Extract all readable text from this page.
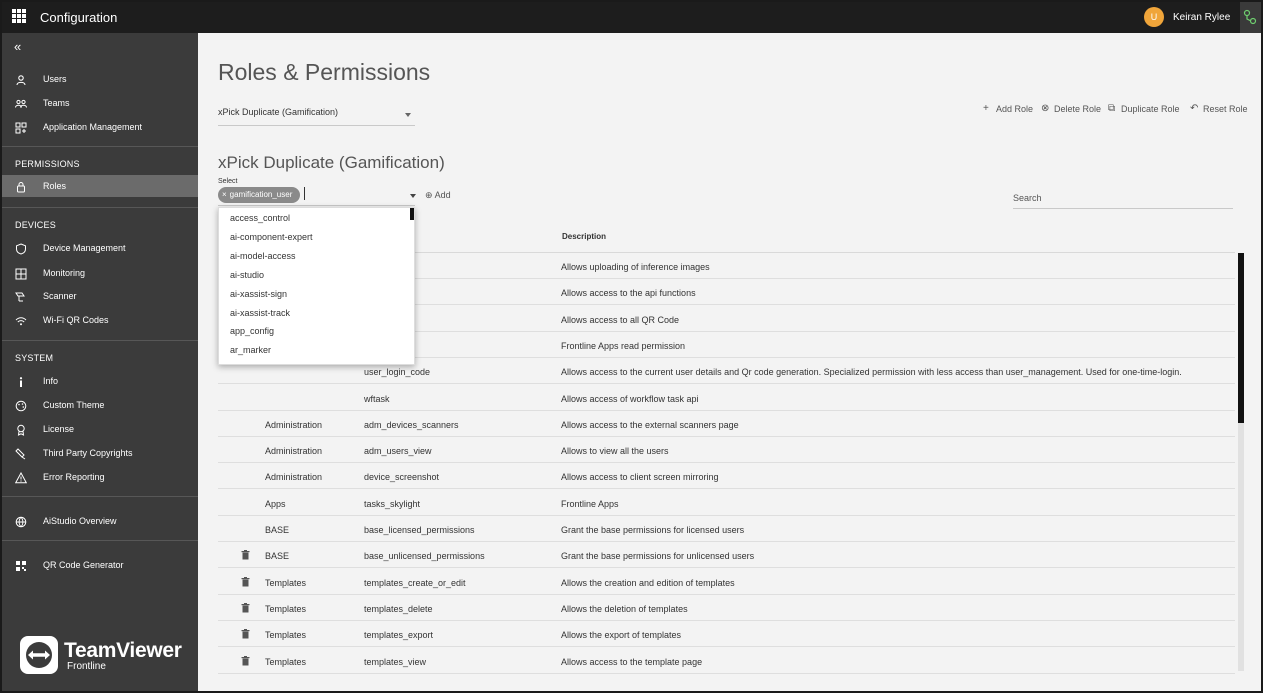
Configuration	U	Keiran Rylee
«
Users
Teams
Application Management
PERMISSIONS
Roles
DEVICES
Device Management
Monitoring
Scanner
Wi-Fi QR Codes
SYSTEM
Info
Custom Theme
License
Third Party Copyrights
Error Reporting
AiStudio Overview
QR Code Generator
TeamViewer
Frontline
Roles & Permissions
xPick Duplicate (Gamification)	+ Add Role ⊗ Delete Role ⧉ Duplicate Role ↶ Reset Role
xPick Duplicate (Gamification)
Select
× gamification_user	⊕ Add	Search
Description
Allows uploading of inference images
Allows access to the api functions
Allows access to all QR Code
Frontline Apps read permission
user_login_code	Allows access to the current user details and Qr code generation. Specialized permission with less access than user_management. Used for one-time-login.
wftask	Allows access of workflow task api
Administration	adm_devices_scanners	Allows access to the external scanners page
Administration	adm_users_view	Allows to view all the users
Administration	device_screenshot	Allows access to client screen mirroring
Apps	tasks_skylight	Frontline Apps
BASE	base_licensed_permissions	Grant the base permissions for licensed users
BASE	base_unlicensed_permissions	Grant the base permissions for unlicensed users
Templates	templates_create_or_edit	Allows the creation and edition of templates
Templates	templates_delete	Allows the deletion of templates
Templates	templates_export	Allows the export of templates
Templates	templates_view	Allows access to the template page
access_control
ai-component-expert
ai-model-access
ai-studio
ai-xassist-sign
ai-xassist-track
app_config
ar_marker
